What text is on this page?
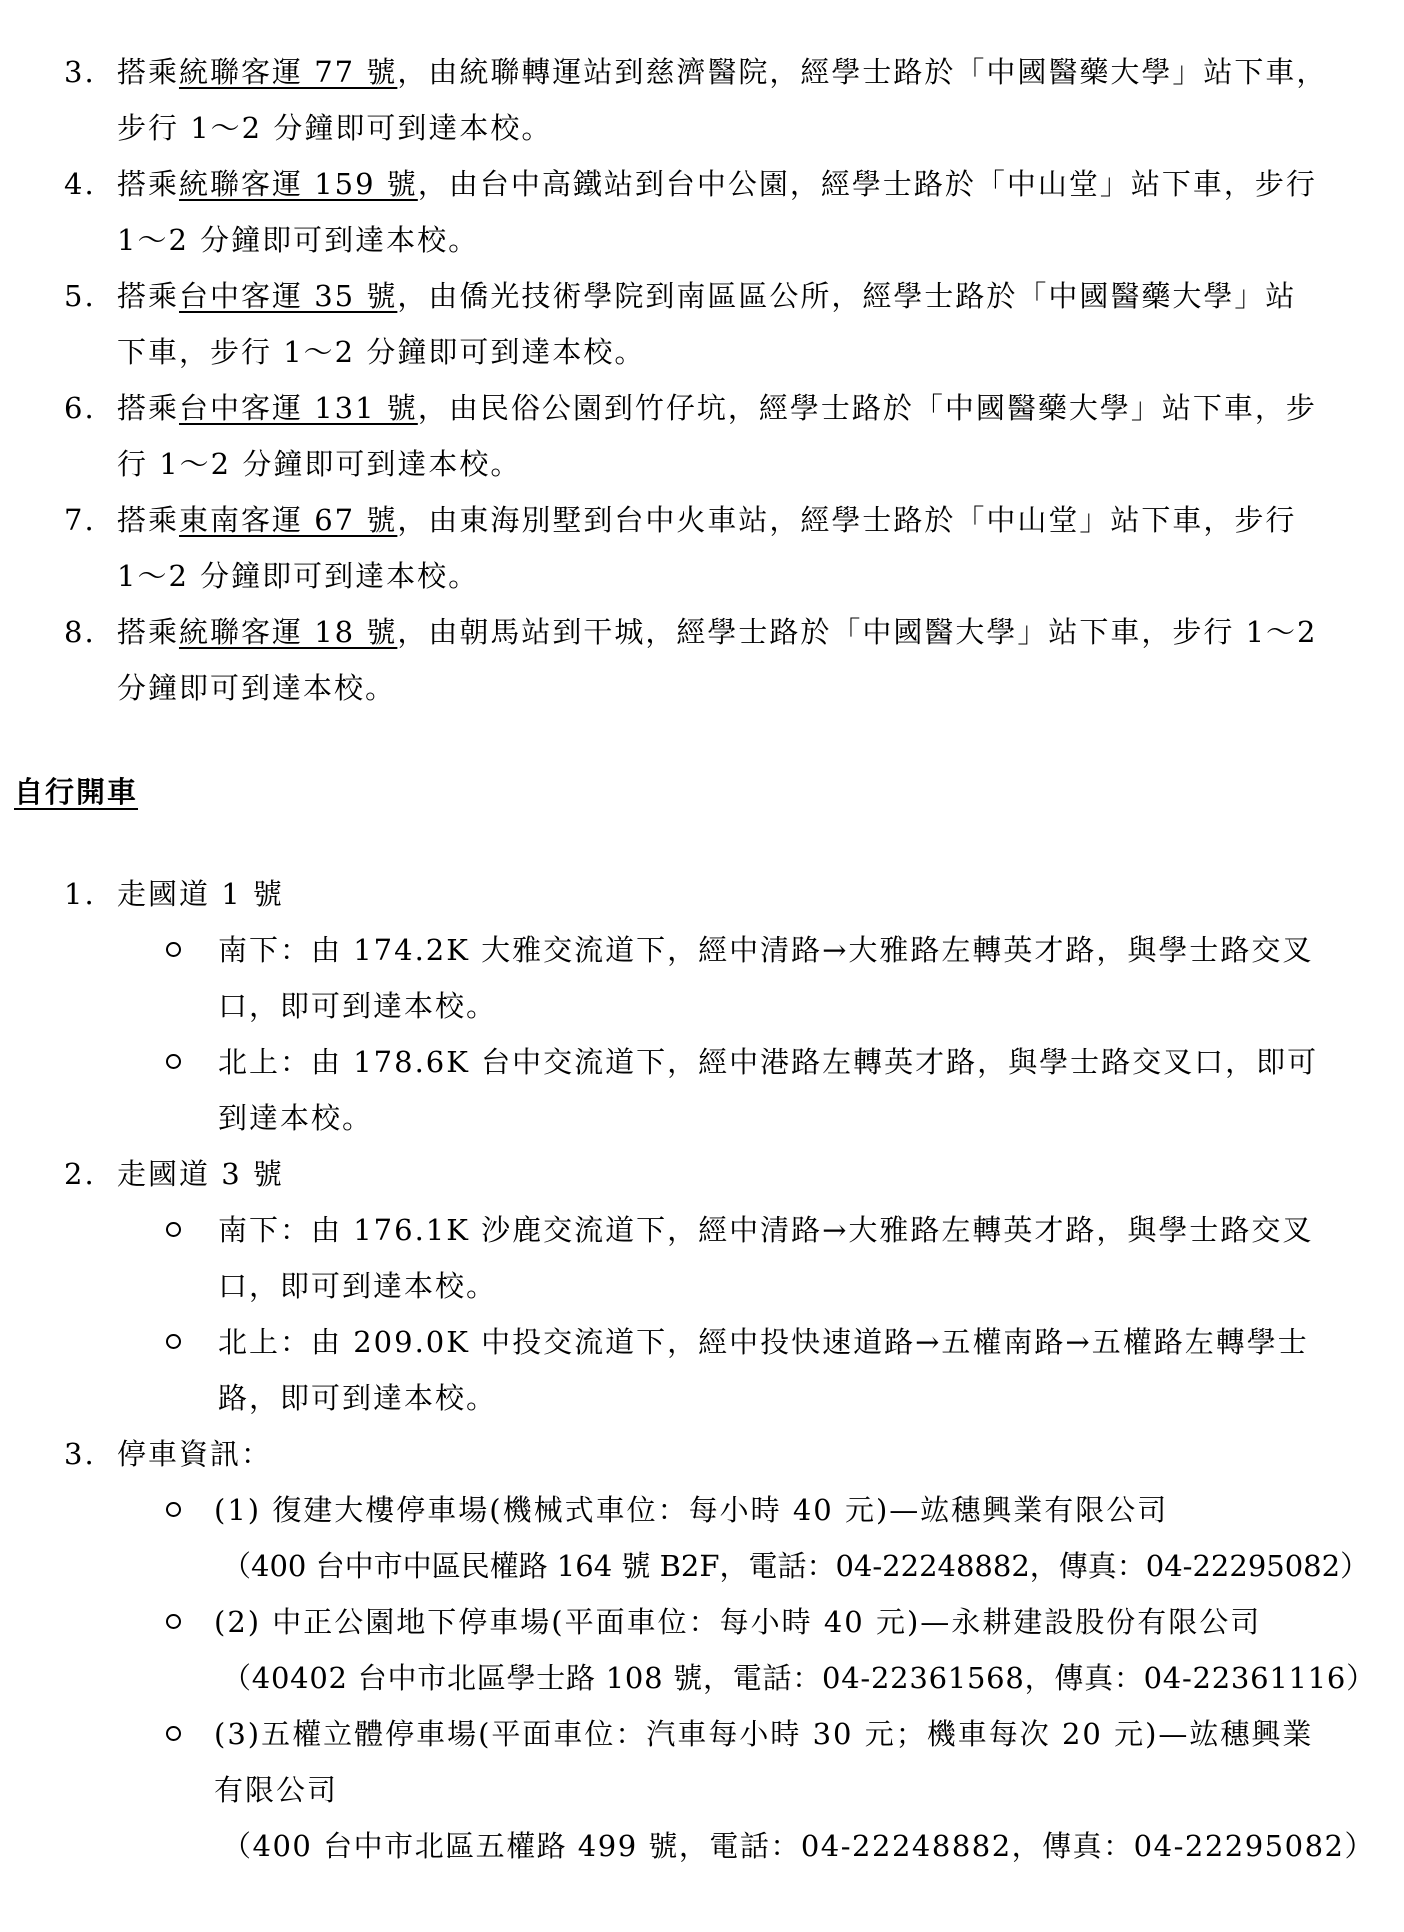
3. 搭乘統聯客運 77 號，由統聯轉運站到慈濟醫院，經學士路於「中國醫藥大學」站下車，
步行 1～2 分鐘即可到達本校。
4. 搭乘統聯客運 159 號，由台中高鐵站到台中公園，經學士路於「中山堂」站下車，步行
1～2 分鐘即可到達本校。
5. 搭乘台中客運 35 號，由僑光技術學院到南區區公所，經學士路於「中國醫藥大學」站
下車，步行 1～2 分鐘即可到達本校。
6. 搭乘台中客運 131 號，由民俗公園到竹仔坑，經學士路於「中國醫藥大學」站下車，步
行 1～2 分鐘即可到達本校。
7. 搭乘東南客運 67 號，由東海別墅到台中火車站，經學士路於「中山堂」站下車，步行
1～2 分鐘即可到達本校。
8. 搭乘統聯客運 18 號，由朝馬站到干城，經學士路於「中國醫大學」站下車，步行 1～2
分鐘即可到達本校。
自行開車
1. 走國道 1 號
南下：由 174.2K 大雅交流道下，經中清路→大雅路左轉英才路，與學士路交叉
口，即可到達本校。
北上：由 178.6K 台中交流道下，經中港路左轉英才路，與學士路交叉口，即可
到達本校。
2. 走國道 3 號
南下：由 176.1K 沙鹿交流道下，經中清路→大雅路左轉英才路，與學士路交叉
口，即可到達本校。
北上：由 209.0K 中投交流道下，經中投快速道路→五權南路→五權路左轉學士
路，即可到達本校。
3. 停車資訊：
(1) 復建大樓停車場(機械式車位：每小時 40 元)—竑穗興業有限公司
（400 台中市中區民權路 164 號 B2F，電話：04-22248882，傳真：04-22295082）
(2) 中正公園地下停車場(平面車位：每小時 40 元)—永耕建設股份有限公司
（40402 台中市北區學士路 108 號，電話：04-22361568，傳真：04-22361116）
(3)五權立體停車場(平面車位：汽車每小時 30 元；機車每次 20 元)—竑穗興業
有限公司
（400 台中市北區五權路 499 號，電話：04-22248882，傳真：04-22295082）
